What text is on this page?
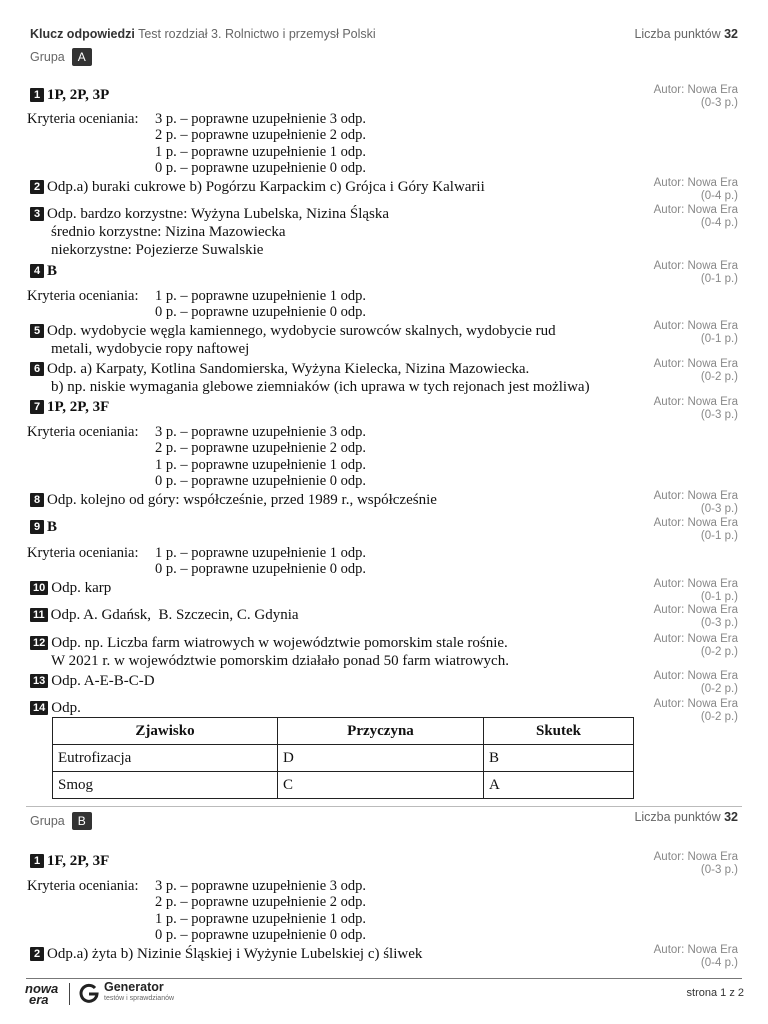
Klucz odpowiedzi Test rozdział 3. Rolnictwo i przemysł Polski	Liczba punktów 32
Grupa	A
1 1P, 2P, 3P	Autor: Nowa Era
(0-3 p.)
Kryteria oceniania: 3 p. – poprawne uzupełnienie 3 odp.
2 p. – poprawne uzupełnienie 2 odp.
1 p. – poprawne uzupełnienie 1 odp.
0 p. – poprawne uzupełnienie 0 odp.
2 Odp.a) buraki cukrowe b) Pogórzu Karpackim c) Grójca i Góry Kalwarii	Autor: Nowa Era
(0-4 p.)
3 Odp. bardzo korzystne: Wyżyna Lubelska, Nizina Śląska
średnio korzystne: Nizina Mazowiecka
niekorzystne: Pojezierze Suwalskie
Autor: Nowa Era
(0-4 p.)
4 B	Autor: Nowa Era
(0-1 p.)
Kryteria oceniania: 1 p. – poprawne uzupełnienie 1 odp.
0 p. – poprawne uzupełnienie 0 odp.
5 Odp. wydobycie węgla kamiennego, wydobycie surowców skalnych, wydobycie rud
metali, wydobycie ropy naftowej
Autor: Nowa Era
(0-1 p.)
6 Odp. a) Karpaty, Kotlina Sandomierska, Wyżyna Kielecka, Nizina Mazowiecka.
b) np. niskie wymagania glebowe ziemniaków (ich uprawa w tych rejonach jest możliwa)
Autor: Nowa Era
(0-2 p.)
7 1P, 2P, 3F	Autor: Nowa Era
(0-3 p.)
Kryteria oceniania: 3 p. – poprawne uzupełnienie 3 odp.
2 p. – poprawne uzupełnienie 2 odp.
1 p. – poprawne uzupełnienie 1 odp.
0 p. – poprawne uzupełnienie 0 odp.
8 Odp. kolejno od góry: współcześnie, przed 1989 r., współcześnie	Autor: Nowa Era
(0-3 p.)
9 B	Autor: Nowa Era
(0-1 p.)
Kryteria oceniania: 1 p. – poprawne uzupełnienie 1 odp.
0 p. – poprawne uzupełnienie 0 odp.
10 Odp. karp	Autor: Nowa Era
(0-1 p.)
11 Odp. A. Gdańsk,  B. Szczecin, C. Gdynia	Autor: Nowa Era
(0-3 p.)
12 Odp. np. Liczba farm wiatrowych w województwie pomorskim stale rośnie.
W 2021 r. w województwie pomorskim działało ponad 50 farm wiatrowych.
Autor: Nowa Era
(0-2 p.)
13 Odp. A-E-B-C-D	Autor: Nowa Era
(0-2 p.)
14 Odp.	Autor: Nowa Era
(0-2 p.)
Zjawisko	Przyczyna	Skutek
Eutrofizacja	D	B
Smog	C	A
Liczba punktów 32
Grupa	B
1 1F, 2P, 3F	Autor: Nowa Era
(0-3 p.)
Kryteria oceniania: 3 p. – poprawne uzupełnienie 3 odp.
2 p. – poprawne uzupełnienie 2 odp.
1 p. – poprawne uzupełnienie 1 odp.
0 p. – poprawne uzupełnienie 0 odp.
2 Odp.a) żyta b) Nizinie Śląskiej i Wyżynie Lubelskiej c) śliwek	Autor: Nowa Era
(0-4 p.)
nowa
era
Generator
testów i sprawdzianów	strona 1 z 2
